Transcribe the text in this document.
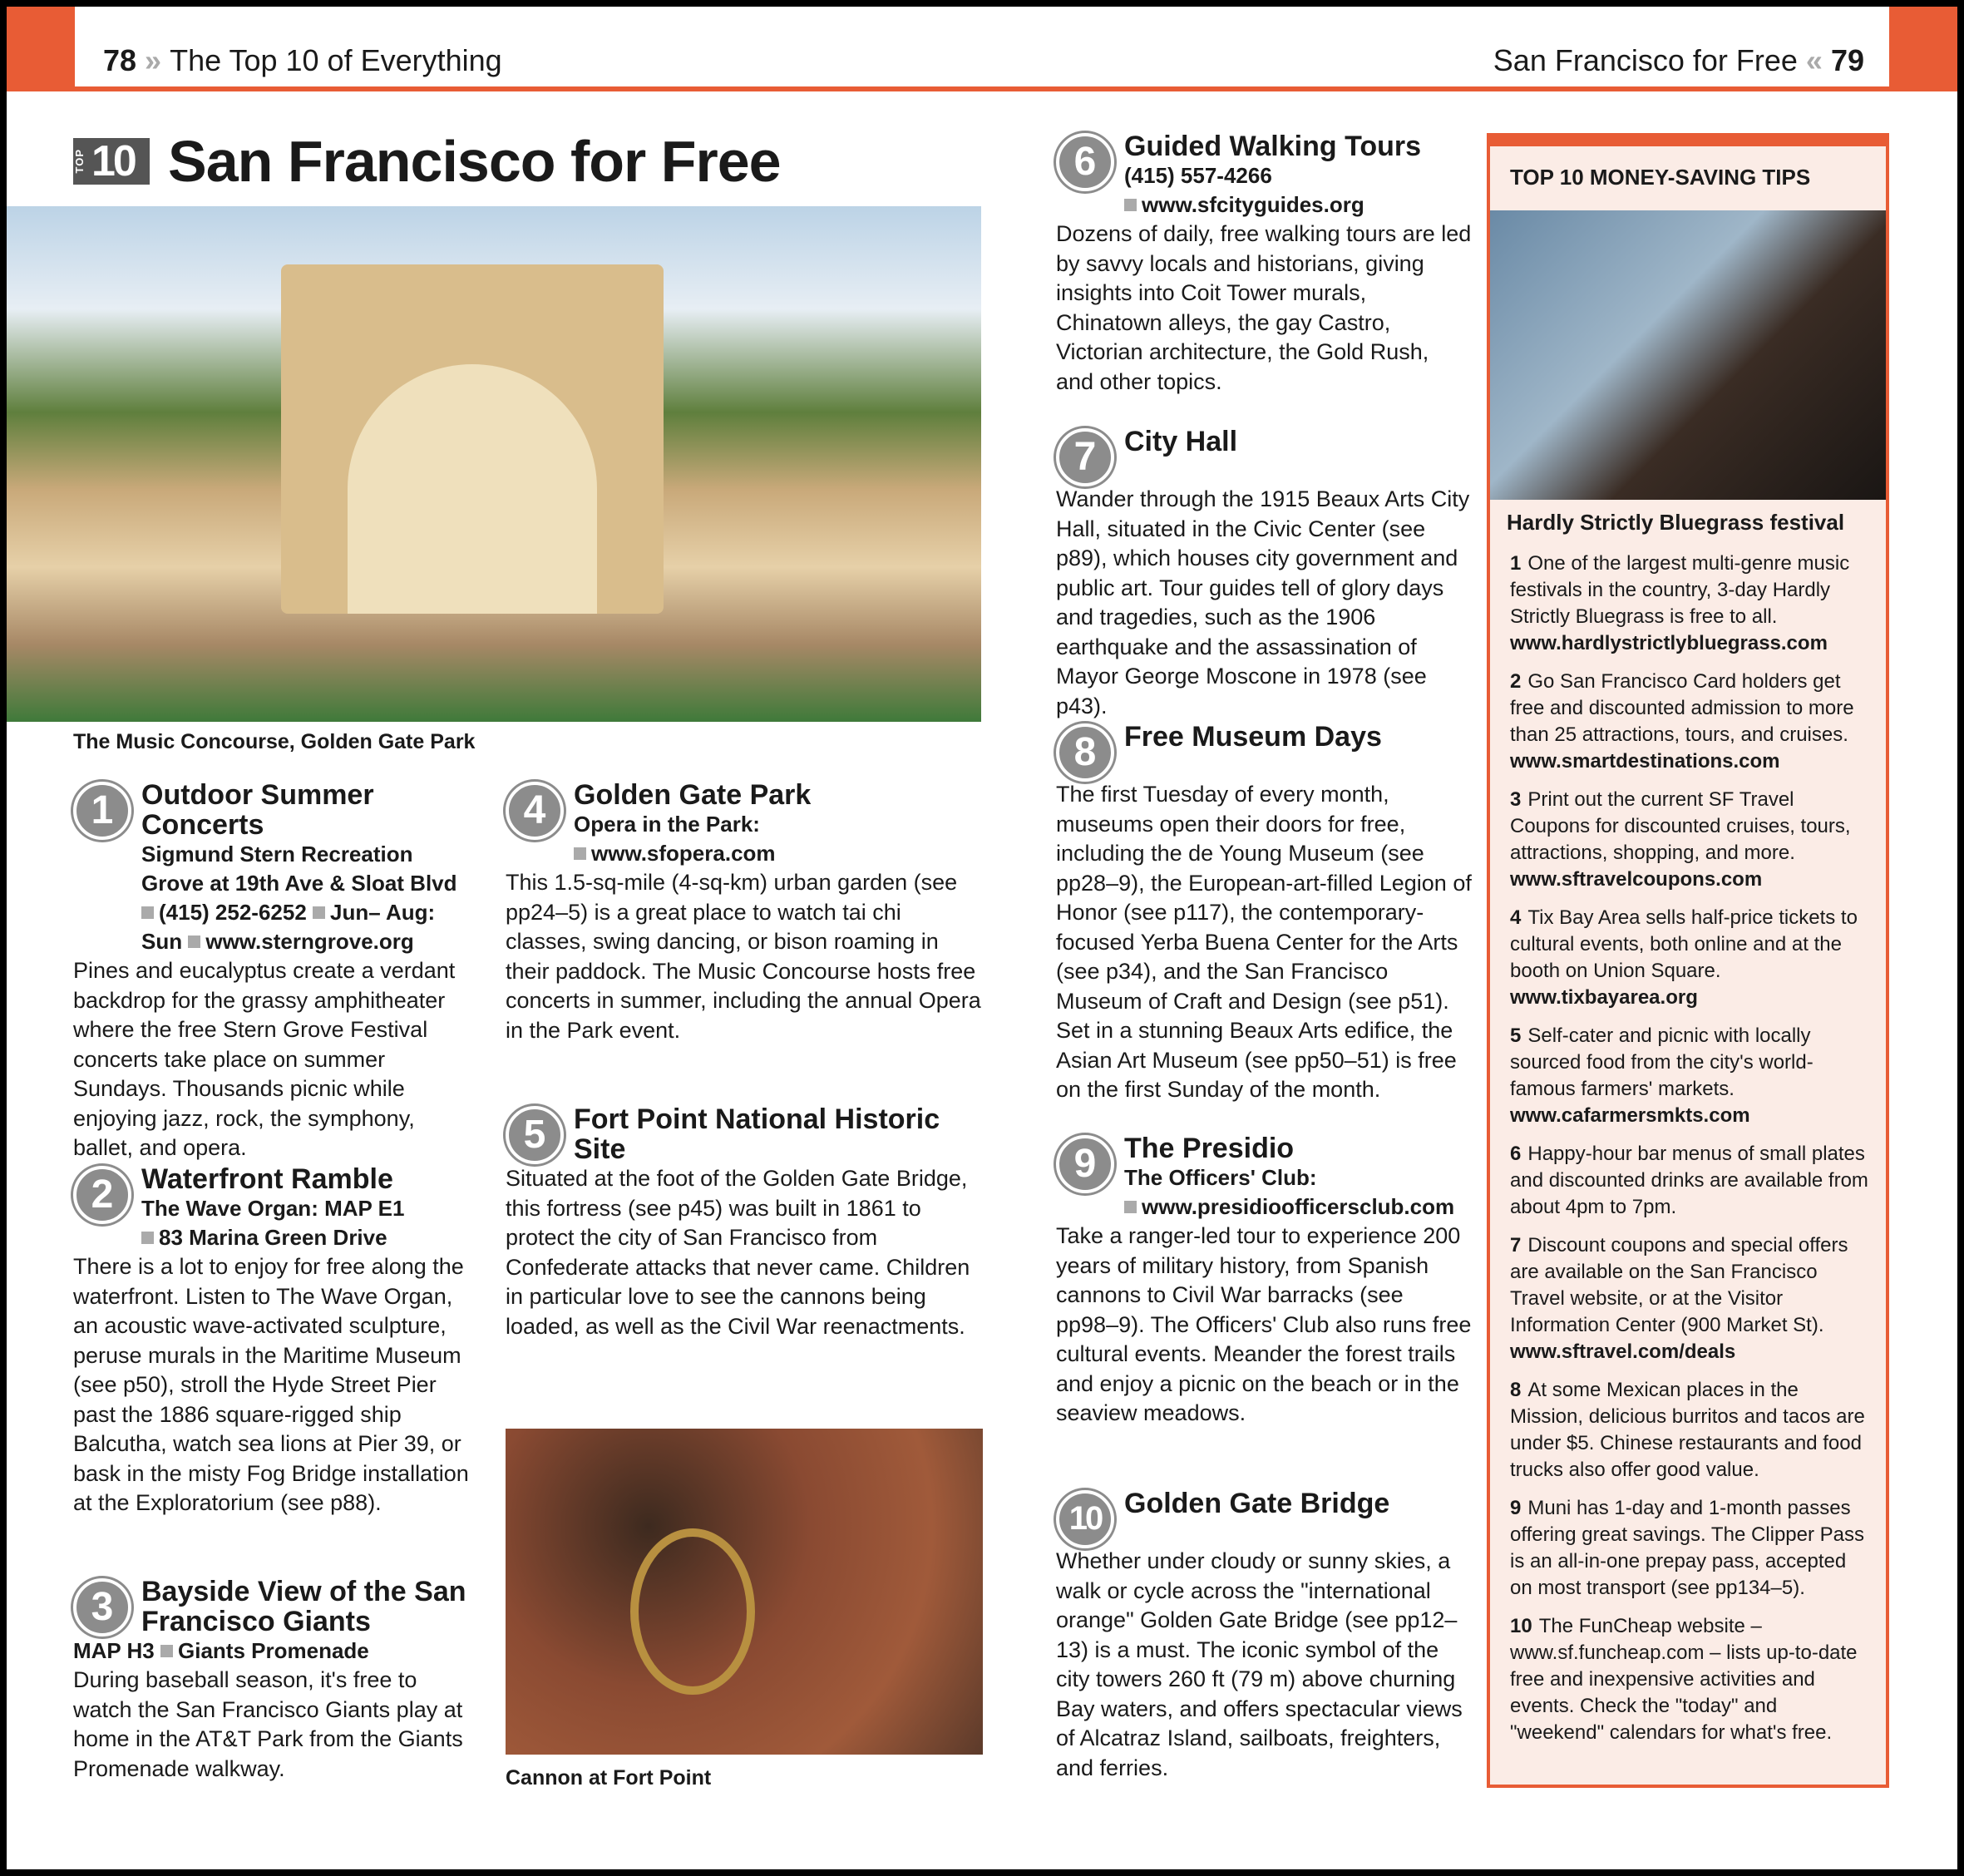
78 » The Top 10 of Everything	San Francisco for Free « 79
TOP 10 San Francisco for Free
The Music Concourse, Golden Gate Park
1 Outdoor Summer Concerts
Sigmund Stern Recreation Grove at 19th Ave & Sloat Blvd (415) 252-6252 Jun– Aug: Sun www.sterngrove.org
Pines and eucalyptus create a verdant backdrop for the grassy amphitheater where the free Stern Grove Festival concerts take place on summer Sundays. Thousands picnic while enjoying jazz, rock, the symphony, ballet, and opera.
2 Waterfront Ramble
The Wave Organ: MAP E1
83 Marina Green Drive
There is a lot to enjoy for free along the waterfront. Listen to The Wave Organ, an acoustic wave-activated sculpture, peruse murals in the Maritime Museum (see p50), stroll the Hyde Street Pier past the 1886 square-rigged ship Balcutha, watch sea lions at Pier 39, or bask in the misty Fog Bridge installation at the Exploratorium (see p88).
3 Bayside View of the San Francisco Giants
MAP H3 Giants Promenade
During baseball season, it's free to watch the San Francisco Giants play at home in the AT&T Park from the Giants Promenade walkway.
4 Golden Gate Park
Opera in the Park:
www.sfopera.com
This 1.5-sq-mile (4-sq-km) urban garden (see pp24–5) is a great place to watch tai chi classes, swing dancing, or bison roaming in their paddock. The Music Concourse hosts free concerts in summer, including the annual Opera in the Park event.
5 Fort Point National Historic Site
Situated at the foot of the Golden Gate Bridge, this fortress (see p45) was built in 1861 to protect the city of San Francisco from Confederate attacks that never came. Children in particular love to see the cannons being loaded, as well as the Civil War reenactments.
6 Guided Walking Tours
(415) 557-4266
www.sfcityguides.org
Dozens of daily, free walking tours are led by savvy locals and historians, giving insights into Coit Tower murals, Chinatown alleys, the gay Castro, Victorian architecture, the Gold Rush, and other topics.
7 City Hall
Wander through the 1915 Beaux Arts City Hall, situated in the Civic Center (see p89), which houses city government and public art. Tour guides tell of glory days and tragedies, such as the 1906 earthquake and the assassination of Mayor George Moscone in 1978 (see p43).
8 Free Museum Days
The first Tuesday of every month, museums open their doors for free, including the de Young Museum (see pp28–9), the European-art-filled Legion of Honor (see p117), the contemporary-focused Yerba Buena Center for the Arts (see p34), and the San Francisco Museum of Craft and Design (see p51). Set in a stunning Beaux Arts edifice, the Asian Art Museum (see pp50–51) is free on the first Sunday of the month.
9 The Presidio
The Officers' Club:
www.presidioofficersclub.com
Take a ranger-led tour to experience 200 years of military history, from Spanish cannons to Civil War barracks (see pp98–9). The Officers' Club also runs free cultural events. Meander the forest trails and enjoy a picnic on the beach or in the seaview meadows.
10 Golden Gate Bridge
Whether under cloudy or sunny skies, a walk or cycle across the "international orange" Golden Gate Bridge (see pp12–13) is a must. The iconic symbol of the city towers 260 ft (79 m) above churning Bay waters, and offers spectacular views of Alcatraz Island, sailboats, freighters, and ferries.
Cannon at Fort Point
TOP 10 MONEY-SAVING TIPS
Hardly Strictly Bluegrass festival
1 One of the largest multi-genre music festivals in the country, 3-day Hardly Strictly Bluegrass is free to all.
www.hardlystrictlybluegrass.com
2 Go San Francisco Card holders get free and discounted admission to more than 25 attractions, tours, and cruises.
www.smartdestinations.com
3 Print out the current SF Travel Coupons for discounted cruises, tours, attractions, shopping, and more.
www.sftravelcoupons.com
4 Tix Bay Area sells half-price tickets to cultural events, both online and at the booth on Union Square.
www.tixbayarea.org
5 Self-cater and picnic with locally sourced food from the city's world-famous farmers' markets.
www.cafarmersmkts.com
6 Happy-hour bar menus of small plates and discounted drinks are available from about 4pm to 7pm.
7 Discount coupons and special offers are available on the San Francisco Travel website, or at the Visitor Information Center (900 Market St).
www.sftravel.com/deals
8 At some Mexican places in the Mission, delicious burritos and tacos are under $5. Chinese restaurants and food trucks also offer good value.
9 Muni has 1-day and 1-month passes offering great savings. The Clipper Pass is an all-in-one prepay pass, accepted on most transport (see pp134–5).
10 The FunCheap website – www.sf.funcheap.com – lists up-to-date free and inexpensive activities and events. Check the "today" and "weekend" calendars for what's free.
